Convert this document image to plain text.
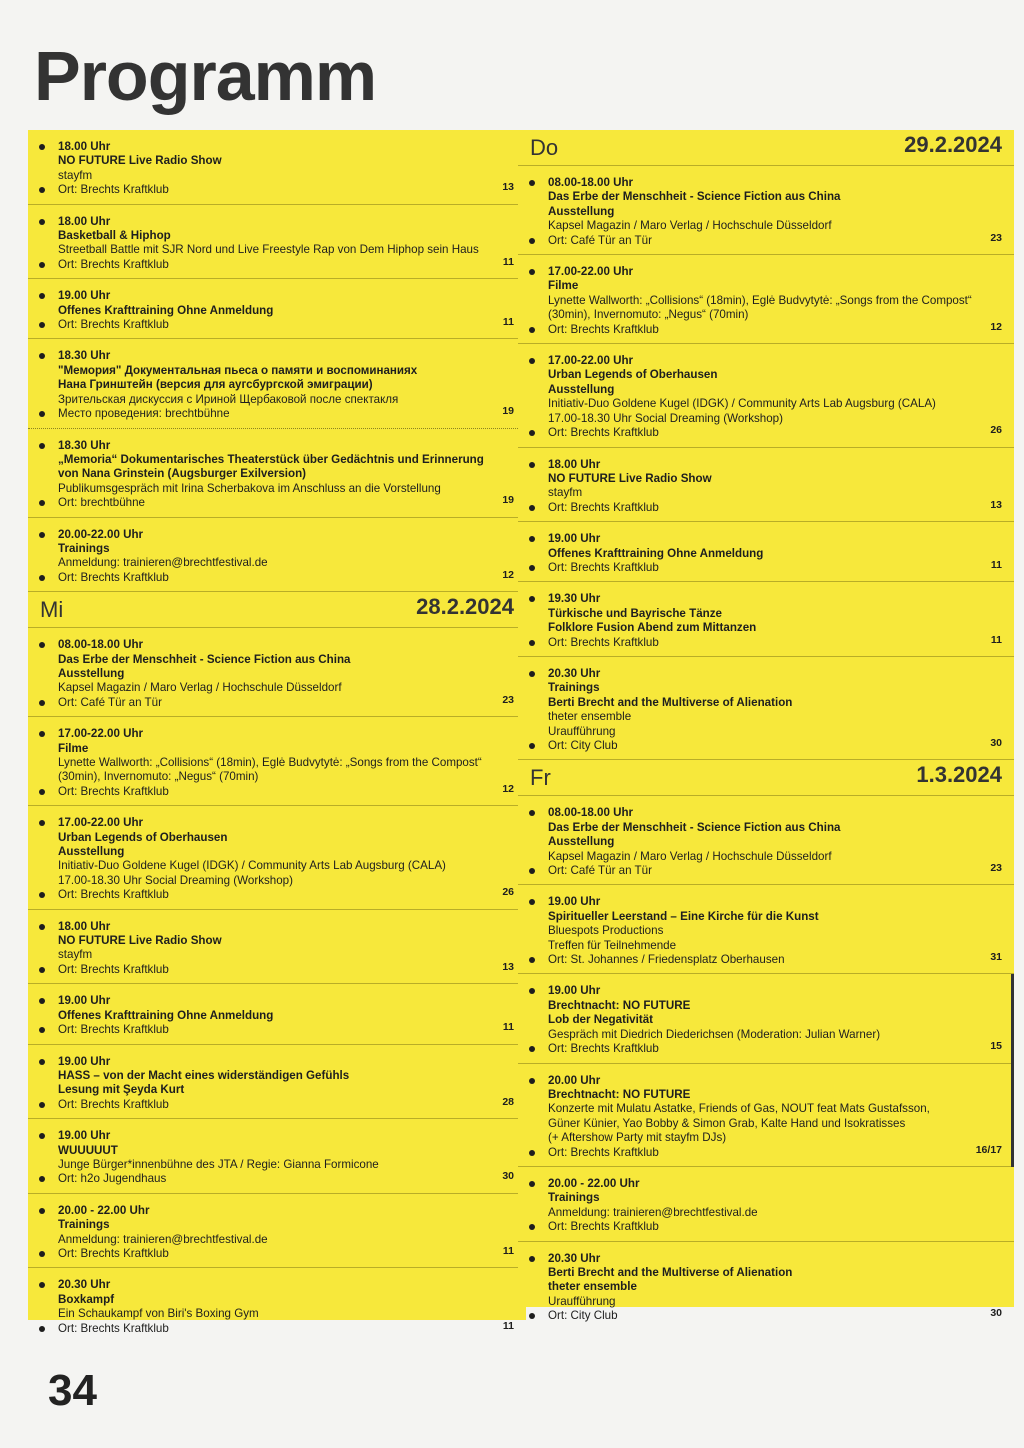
Programm
18.00 Uhr
NO FUTURE Live Radio Show
stayfm
Ort: Brechts Kraftklub	13
18.00 Uhr
Basketball & Hiphop
Streetball Battle mit SJR Nord und Live Freestyle Rap von Dem Hiphop sein Haus
Ort: Brechts Kraftklub	11
19.00 Uhr
Offenes Krafttraining Ohne Anmeldung
Ort: Brechts Kraftklub	11
18.30 Uhr
"Мемория" Документальная пьеса о памяти и воспоминаниях
Нана Гринштейн (версия для аугсбургской эмиграции)
Зрительская дискуссия с Ириной Щербаковой после спектакля
Место проведения: brechtbühne	19
18.30 Uhr
„Memoria“ Dokumentarisches Theaterstück über Gedächtnis und Erinnerung
von Nana Grinstein (Augsburger Exilversion)
Publikumsgespräch mit Irina Scherbakova im Anschluss an die Vorstellung
Ort: brechtbühne	19
20.00-22.00 Uhr
Trainings
Anmeldung: trainieren@brechtfestival.de
Ort: Brechts Kraftklub	12
Mi	28.2.2024
08.00-18.00 Uhr
Das Erbe der Menschheit - Science Fiction aus China
Ausstellung
Kapsel Magazin / Maro Verlag / Hochschule Düsseldorf
Ort: Café Tür an Tür	23
17.00-22.00 Uhr
Filme
Lynette Wallworth: „Collisions“ (18min), Eglė Budvytytė: „Songs from the Compost“
(30min), Invernomuto: „Negus“ (70min)
Ort: Brechts Kraftklub	12
17.00-22.00 Uhr
Urban Legends of Oberhausen
Ausstellung
Initiativ-Duo Goldene Kugel (IDGK) / Community Arts Lab Augsburg (CALA)
17.00-18.30 Uhr Social Dreaming (Workshop)
Ort: Brechts Kraftklub	26
18.00 Uhr
NO FUTURE Live Radio Show
stayfm
Ort: Brechts Kraftklub	13
19.00 Uhr
Offenes Krafttraining Ohne Anmeldung
Ort: Brechts Kraftklub	11
19.00 Uhr
HASS – von der Macht eines widerständigen Gefühls
Lesung mit Şeyda Kurt
Ort: Brechts Kraftklub	28
19.00 Uhr
WUUUUUT
Junge Bürger*innenbühne des JTA / Regie: Gianna Formicone
Ort: h2o Jugendhaus	30
20.00 - 22.00 Uhr
Trainings
Anmeldung: trainieren@brechtfestival.de
Ort: Brechts Kraftklub	11
20.30 Uhr
Boxkampf
Ein Schaukampf von Biri's Boxing Gym
Ort: Brechts Kraftklub	11
Do	29.2.2024
08.00-18.00 Uhr
Das Erbe der Menschheit - Science Fiction aus China
Ausstellung
Kapsel Magazin / Maro Verlag / Hochschule Düsseldorf
Ort: Café Tür an Tür	23
17.00-22.00 Uhr
Filme
Lynette Wallworth: „Collisions“ (18min), Eglė Budvytytė: „Songs from the Compost“
(30min), Invernomuto: „Negus“ (70min)
Ort: Brechts Kraftklub	12
17.00-22.00 Uhr
Urban Legends of Oberhausen
Ausstellung
Initiativ-Duo Goldene Kugel (IDGK) / Community Arts Lab Augsburg (CALA)
17.00-18.30 Uhr Social Dreaming (Workshop)
Ort: Brechts Kraftklub	26
18.00 Uhr
NO FUTURE Live Radio Show
stayfm
Ort: Brechts Kraftklub	13
19.00 Uhr
Offenes Krafttraining Ohne Anmeldung
Ort: Brechts Kraftklub	11
19.30 Uhr
Türkische und Bayrische Tänze
Folklore Fusion Abend zum Mittanzen
Ort: Brechts Kraftklub	11
20.30 Uhr
Trainings
Berti Brecht and the Multiverse of Alienation
theter ensemble
Uraufführung
Ort: City Club	30
Fr	1.3.2024
08.00-18.00 Uhr
Das Erbe der Menschheit - Science Fiction aus China
Ausstellung
Kapsel Magazin / Maro Verlag / Hochschule Düsseldorf
Ort: Café Tür an Tür	23
19.00 Uhr
Spiritueller Leerstand – Eine Kirche für die Kunst
Bluespots Productions
Treffen für Teilnehmende
Ort: St. Johannes / Friedensplatz Oberhausen	31
19.00 Uhr
Brechtnacht: NO FUTURE
Lob der Negativität
Gespräch mit Diedrich Diederichsen (Moderation: Julian Warner)
Ort: Brechts Kraftklub	15
20.00 Uhr
Brechtnacht: NO FUTURE
Konzerte mit Mulatu Astatke, Friends of Gas, NOUT feat Mats Gustafsson,
Güner Künier, Yao Bobby & Simon Grab, Kalte Hand und Isokratisses
(+ Aftershow Party mit stayfm DJs)
Ort: Brechts Kraftklub	16/17
20.00 - 22.00 Uhr
Trainings
Anmeldung: trainieren@brechtfestival.de
Ort: Brechts Kraftklub
20.30 Uhr
Berti Brecht and the Multiverse of Alienation
theter ensemble
Uraufführung
Ort: City Club	30
34
